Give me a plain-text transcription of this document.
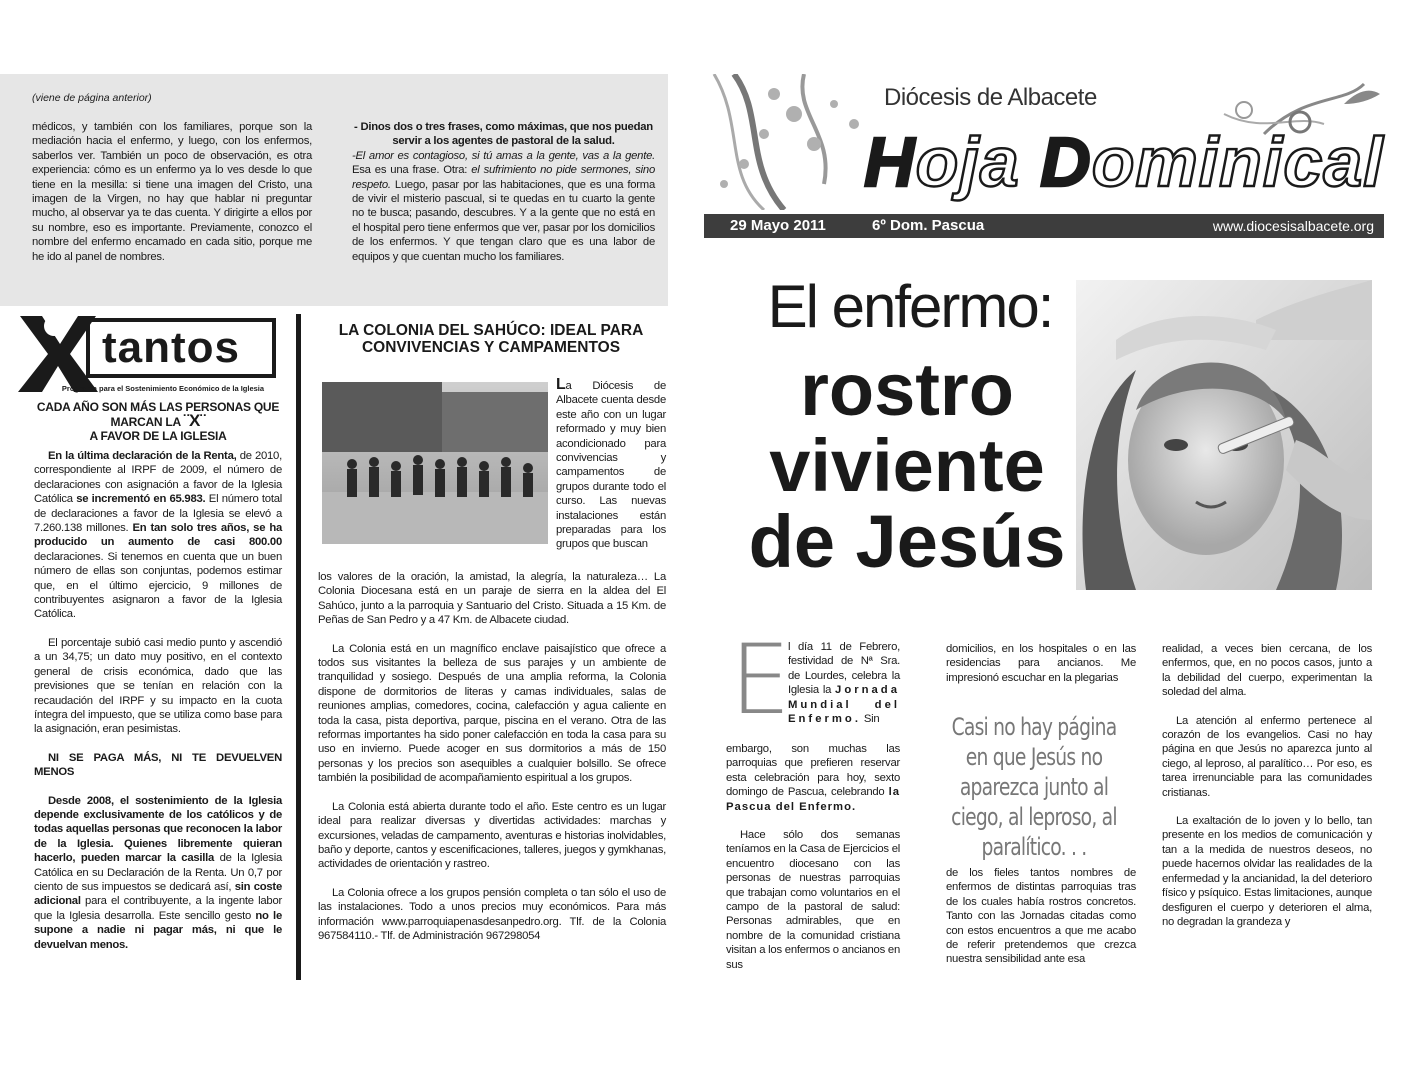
(viene de página anterior)

médicos, y también con los familiares, porque son la mediación hacia el enfermo, y luego, con los enfermos, saberlos ver. También un poco de observación, es otra experiencia: cómo es un enfermo ya lo ves desde lo que tiene en la mesilla: si tiene una imagen del Cristo, una imagen de la Virgen, no hay que hablar ni preguntar mucho, al observar ya te das cuenta. Y dirigirte a ellos por su nombre, eso es importante. Previamente, conozco el nombre del enfermo encamado en cada sitio, porque me he ido al panel de nombres.

- Dinos dos o tres frases, como máximas, que nos puedan servir a los agentes de pastoral de la salud.

-El amor es contagioso, si tú amas a la gente, vas a la gente. Esa es una frase. Otra: el sufrimiento no pide sermones, sino respeto. Luego, pasar por las habitaciones, que es una forma de vivir el misterio pascual, si te quedas en tu cuarto la gente no te busca; pasando, descubres. Y a la gente que no está en el hospital pero tiene enfermos que ver, pasar por los domicilios de los enfermos. Y que tengan claro que es una labor de equipos y que cuentan mucho los familiares.

tantos
Programa para el Sostenimiento Económico de la Iglesia
CADA AÑO SON MÁS LAS PERSONAS QUE
MARCAN LA ¨X¨
A FAVOR DE LA IGLESIA

En la última declaración de la Renta, de 2010, correspondiente al IRPF de 2009, el número de declaraciones con asignación a favor de la Iglesia Católica se incrementó en 65.983. El número total de declaraciones a favor de la Iglesia se elevó a 7.260.138 millones. En tan solo tres años, se ha producido un aumento de casi 800.00 declaraciones. Si tenemos en cuenta que un buen número de ellas son conjuntas, podemos estimar que, en el último ejercicio, 9 millones de contribuyentes asignaron a favor de la Iglesia Católica.

El porcentaje subió casi medio punto y ascendió a un 34,75; un dato muy positivo, en el contexto general de crisis económica, dado que las previsiones que se tenían en relación con la recaudación del IRPF y su impacto en la cuota íntegra del impuesto, que se utiliza como base para la asignación, eran pesimistas.

NI SE PAGA MÁS, NI TE DEVUELVEN MENOS

Desde 2008, el sostenimiento de la Iglesia depende exclusivamente de los católicos y de todas aquellas personas que reconocen la labor de la Iglesia. Quienes libremente quieran hacerlo, pueden marcar la casilla de la Iglesia Católica en su Declaración de la Renta. Un 0,7 por ciento de sus impuestos se dedicará así, sin coste adicional para el contribuyente, a la ingente labor que la Iglesia desarrolla. Este sencillo gesto no le supone a nadie ni pagar más, ni que le devuelvan menos.

LA COLONIA DEL SAHÚCO: IDEAL PARA CONVIVENCIAS Y CAMPAMENTOS

La Diócesis de Albacete cuenta desde este año con un lugar reformado y muy bien acondicionado para convivencias y campamentos de grupos durante todo el curso. Las nuevas instalaciones están preparadas para los grupos que buscan

los valores de la oración, la amistad, la alegría, la naturaleza… La Colonia Diocesana está en un paraje de sierra en la aldea del El Sahúco, junto a la parroquia y Santuario del Cristo. Situada a 15 Km. de Peñas de San Pedro y a 47 Km. de Albacete ciudad.

La Colonia está en un magnífico enclave paisajístico que ofrece a todos sus visitantes la belleza de sus parajes y un ambiente de tranquilidad y sosiego. Después de una amplia reforma, la Colonia dispone de dormitorios de literas y camas individuales, salas de reuniones amplias, comedores, cocina, calefacción y agua caliente en toda la casa, pista deportiva, parque, piscina en el verano. Otra de las reformas importantes ha sido poner calefacción en toda la casa para su uso en invierno. Puede acoger en sus dormitorios a más de 150 personas y los precios son asequibles a cualquier bolsillo. Se ofrece también la posibilidad de acompañamiento espiritual a los grupos.

La Colonia está abierta durante todo el año. Este centro es un lugar ideal para realizar diversas y divertidas actividades: marchas y excursiones, veladas de campamento, aventuras e historias inolvidables, baño y deporte, cantos y escenificaciones, talleres, juegos y gymkhanas, actividades de orientación y rastreo.

La Colonia ofrece a los grupos pensión completa o tan sólo el uso de las instalaciones. Todo a unos precios muy económicos. Para más información www.parroquiapenasdesanpedro.org. Tlf. de la Colonia 967584110.- Tlf. de Administración 967298054

Diócesis de Albacete
Hoja Dominical
29 Mayo 2011	6º Dom. Pascua	www.diocesisalbacete.org
El enfermo:
rostro
viviente
de Jesús
E

l día 11 de Febrero, festividad de Nª Sra. de Lourdes, celebra la Iglesia la Jornada Mundial del Enfermo. Sin

embargo, son muchas las parroquias que prefieren reservar esta celebración para hoy, sexto domingo de Pascua, celebrando la Pascua del Enfermo.

Hace sólo dos semanas teníamos en la Casa de Ejercicios el encuentro diocesano con las personas de nuestras parroquias que trabajan como voluntarios en el campo de la pastoral de salud: Personas admirables, que en nombre de la comunidad cristiana visitan a los enfermos o ancianos en sus

domicilios, en los hospitales o en las residencias para ancianos. Me impresionó escuchar en la plegarias

Casi no hay página en que Jesús no aparezca junto al ciego, al leproso, al paralítico. . .

de los fieles tantos nombres de enfermos de distintas parroquias tras de los cuales había rostros concretos. Tanto con las Jornadas citadas como con estos encuentros a que me acabo de referir pretendemos que crezca nuestra sensibilidad ante esa

realidad, a veces bien cercana, de los enfermos, que, en no pocos casos, junto a la debilidad del cuerpo, experimentan la soledad del alma.

La atención al enfermo pertenece al corazón de los evangelios. Casi no hay página en que Jesús no aparezca junto al ciego, al leproso, al paralítico… Por eso, es tarea irrenunciable para las comunidades cristianas.

La exaltación de lo joven y lo bello, tan presente en los medios de comunicación y tan a la medida de nuestros deseos, no puede hacernos olvidar las realidades de la enfermedad y la ancianidad, la del deterioro físico y psíquico. Estas limitaciones, aunque desfiguren el cuerpo y deterioren el alma, no degradan la grandeza y
